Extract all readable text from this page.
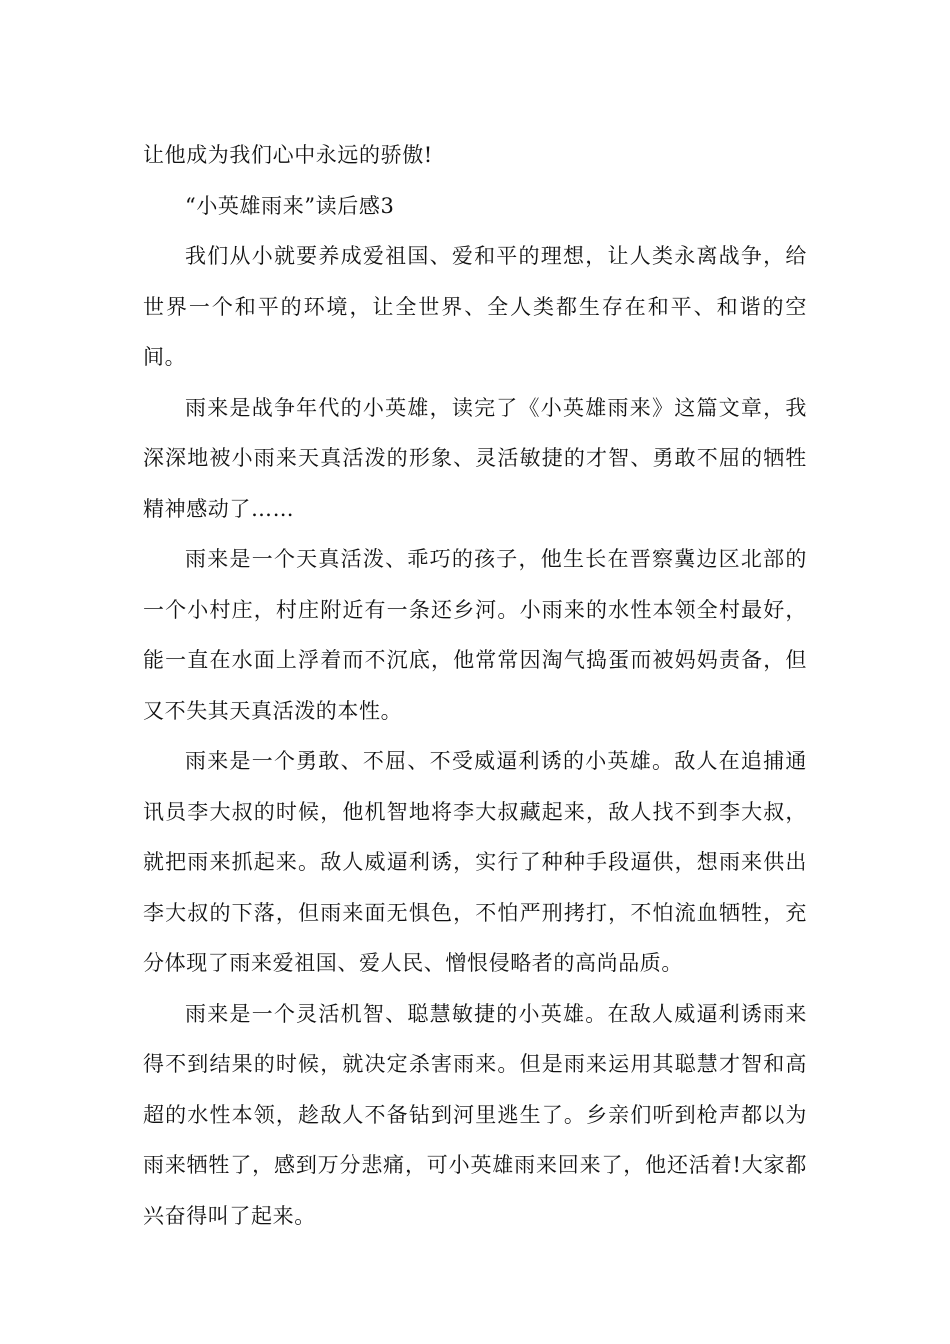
让他成为我们心中永远的骄傲!

“小英雄雨来”读后感3

我们从小就要养成爱祖国、爱和平的理想，让人类永离战争，给世界一个和平的环境，让全世界、全人类都生存在和平、和谐的空间。

雨来是战争年代的小英雄，读完了《小英雄雨来》这篇文章，我深深地被小雨来天真活泼的形象、灵活敏捷的才智、勇敢不屈的牺牲精神感动了……

雨来是一个天真活泼、乖巧的孩子，他生长在晋察冀边区北部的一个小村庄，村庄附近有一条还乡河。小雨来的水性本领全村最好，能一直在水面上浮着而不沉底，他常常因淘气捣蛋而被妈妈责备，但又不失其天真活泼的本性。

雨来是一个勇敢、不屈、不受威逼利诱的小英雄。敌人在追捕通讯员李大叔的时候，他机智地将李大叔藏起来，敌人找不到李大叔，就把雨来抓起来。敌人威逼利诱，实行了种种手段逼供，想雨来供出李大叔的下落，但雨来面无惧色，不怕严刑拷打，不怕流血牺牲，充分体现了雨来爱祖国、爱人民、憎恨侵略者的高尚品质。

雨来是一个灵活机智、聪慧敏捷的小英雄。在敌人威逼利诱雨来得不到结果的时候，就决定杀害雨来。但是雨来运用其聪慧才智和高超的水性本领，趁敌人不备钻到河里逃生了。乡亲们听到枪声都以为雨来牺牲了，感到万分悲痛，可小英雄雨来回来了，他还活着!大家都兴奋得叫了起来。
